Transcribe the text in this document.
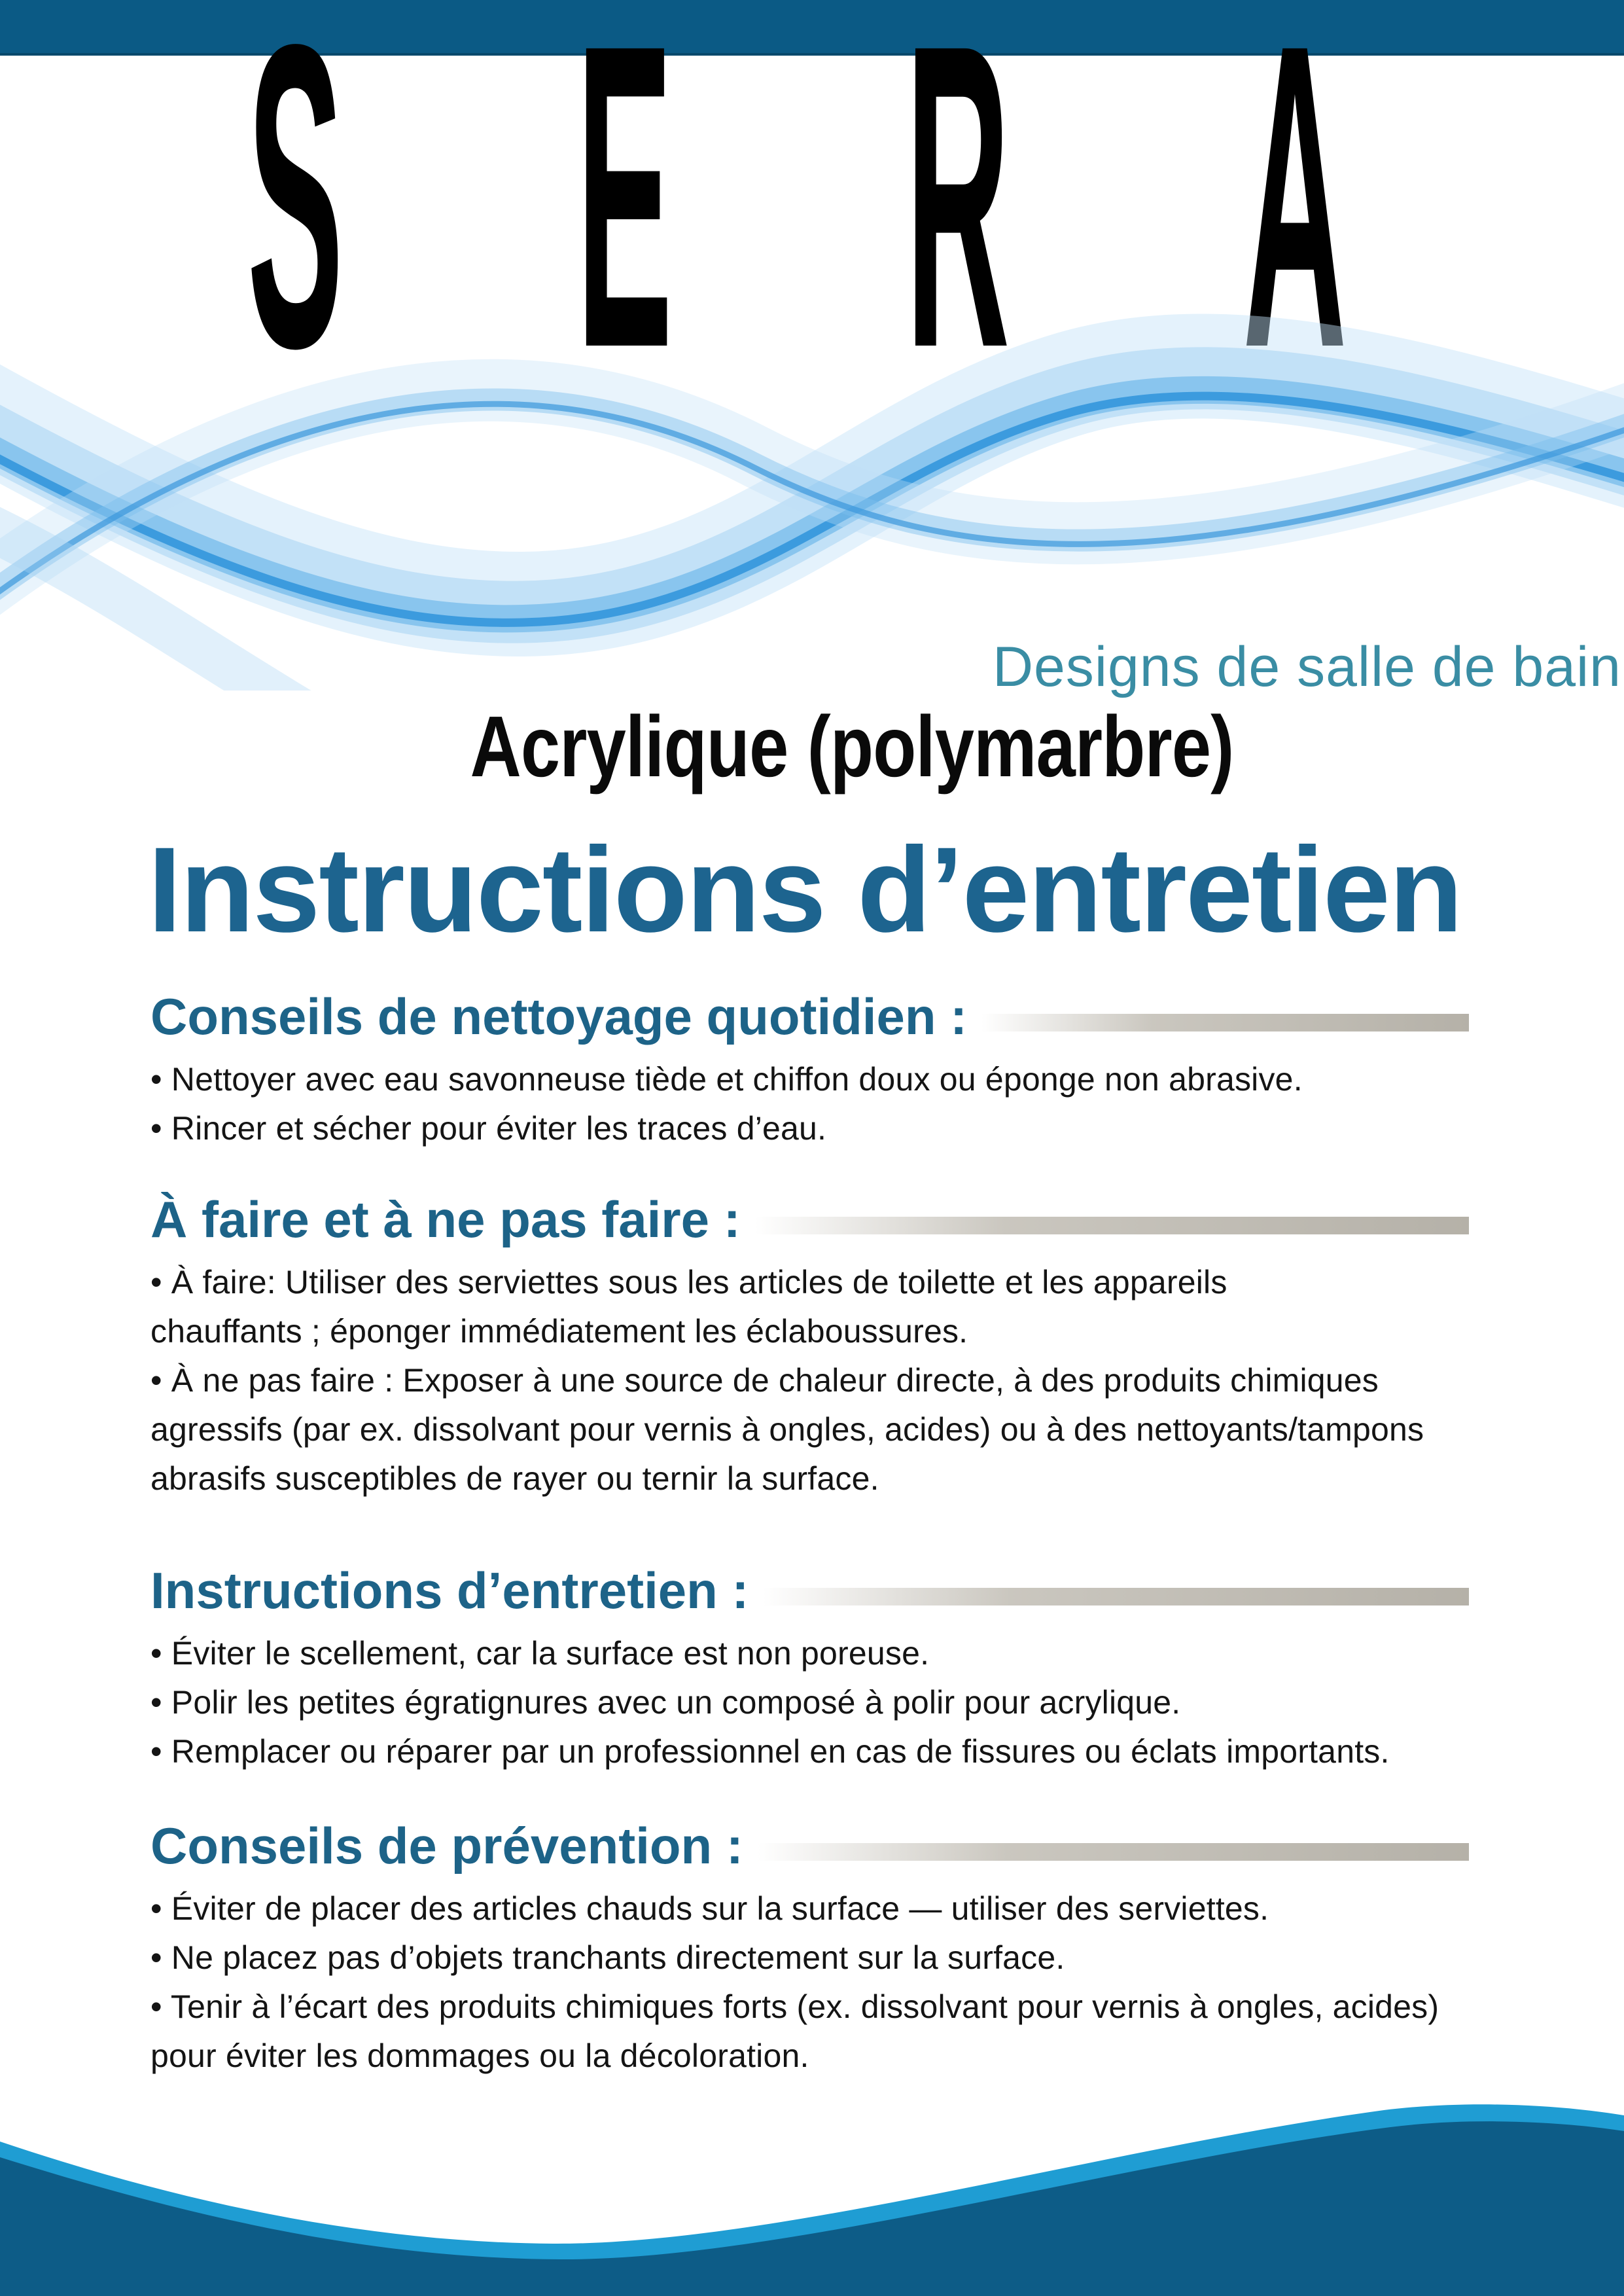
SERA
Designs de salle de bain
Acrylique (polymarbre)
Instructions d’entretien
Conseils de nettoyage quotidien :
• Nettoyer avec eau savonneuse tiède et chiffon doux ou éponge non abrasive.
• Rincer et sécher pour éviter les traces d’eau.
À faire et à ne pas faire :
• À faire: Utiliser des serviettes sous les articles de toilette et les appareils
chauffants ; éponger immédiatement les éclaboussures.
• À ne pas faire : Exposer à une source de chaleur directe, à des produits chimiques
agressifs (par ex. dissolvant pour vernis à ongles, acides) ou à des nettoyants/tampons
abrasifs susceptibles de rayer ou ternir la surface.
Instructions d’entretien :
• Éviter le scellement, car la surface est non poreuse.
• Polir les petites égratignures avec un composé à polir pour acrylique.
• Remplacer ou réparer par un professionnel en cas de fissures ou éclats importants.
Conseils de prévention :
• Éviter de placer des articles chauds sur la surface — utiliser des serviettes.
• Ne placez pas d’objets tranchants directement sur la surface.
• Tenir à l’écart des produits chimiques forts (ex. dissolvant pour vernis à ongles, acides)
pour éviter les dommages ou la décoloration.
